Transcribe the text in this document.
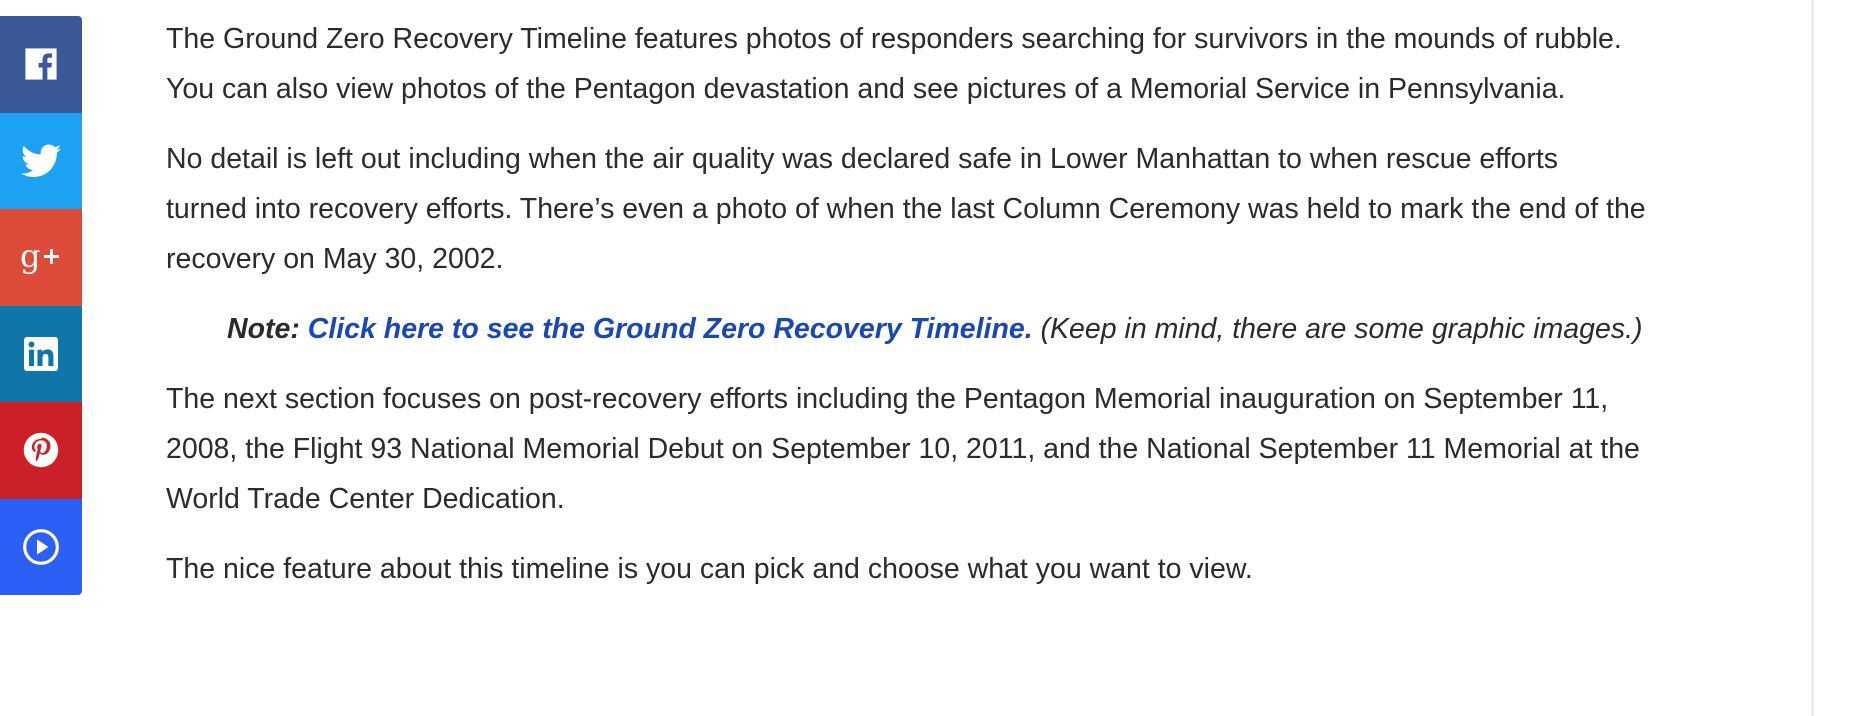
g

The Ground Zero Recovery Timeline features photos of responders searching for survivors in the mounds of rubble. You can also view photos of the Pentagon devastation and see pictures of a Memorial Service in Pennsylvania.

No detail is left out including when the air quality was declared safe in Lower Manhattan to when rescue efforts turned into recovery efforts. There’s even a photo of when the last Column Ceremony was held to mark the end of the recovery on May 30, 2002.

Note: Click here to see the Ground Zero Recovery Timeline. (Keep in mind, there are some graphic images.)

The next section focuses on post-recovery efforts including the Pentagon Memorial inauguration on September 11, 2008, the Flight 93 National Memorial Debut on September 10, 2011, and the National September 11 Memorial at the World Trade Center Dedication.

The nice feature about this timeline is you can pick and choose what you want to view.
